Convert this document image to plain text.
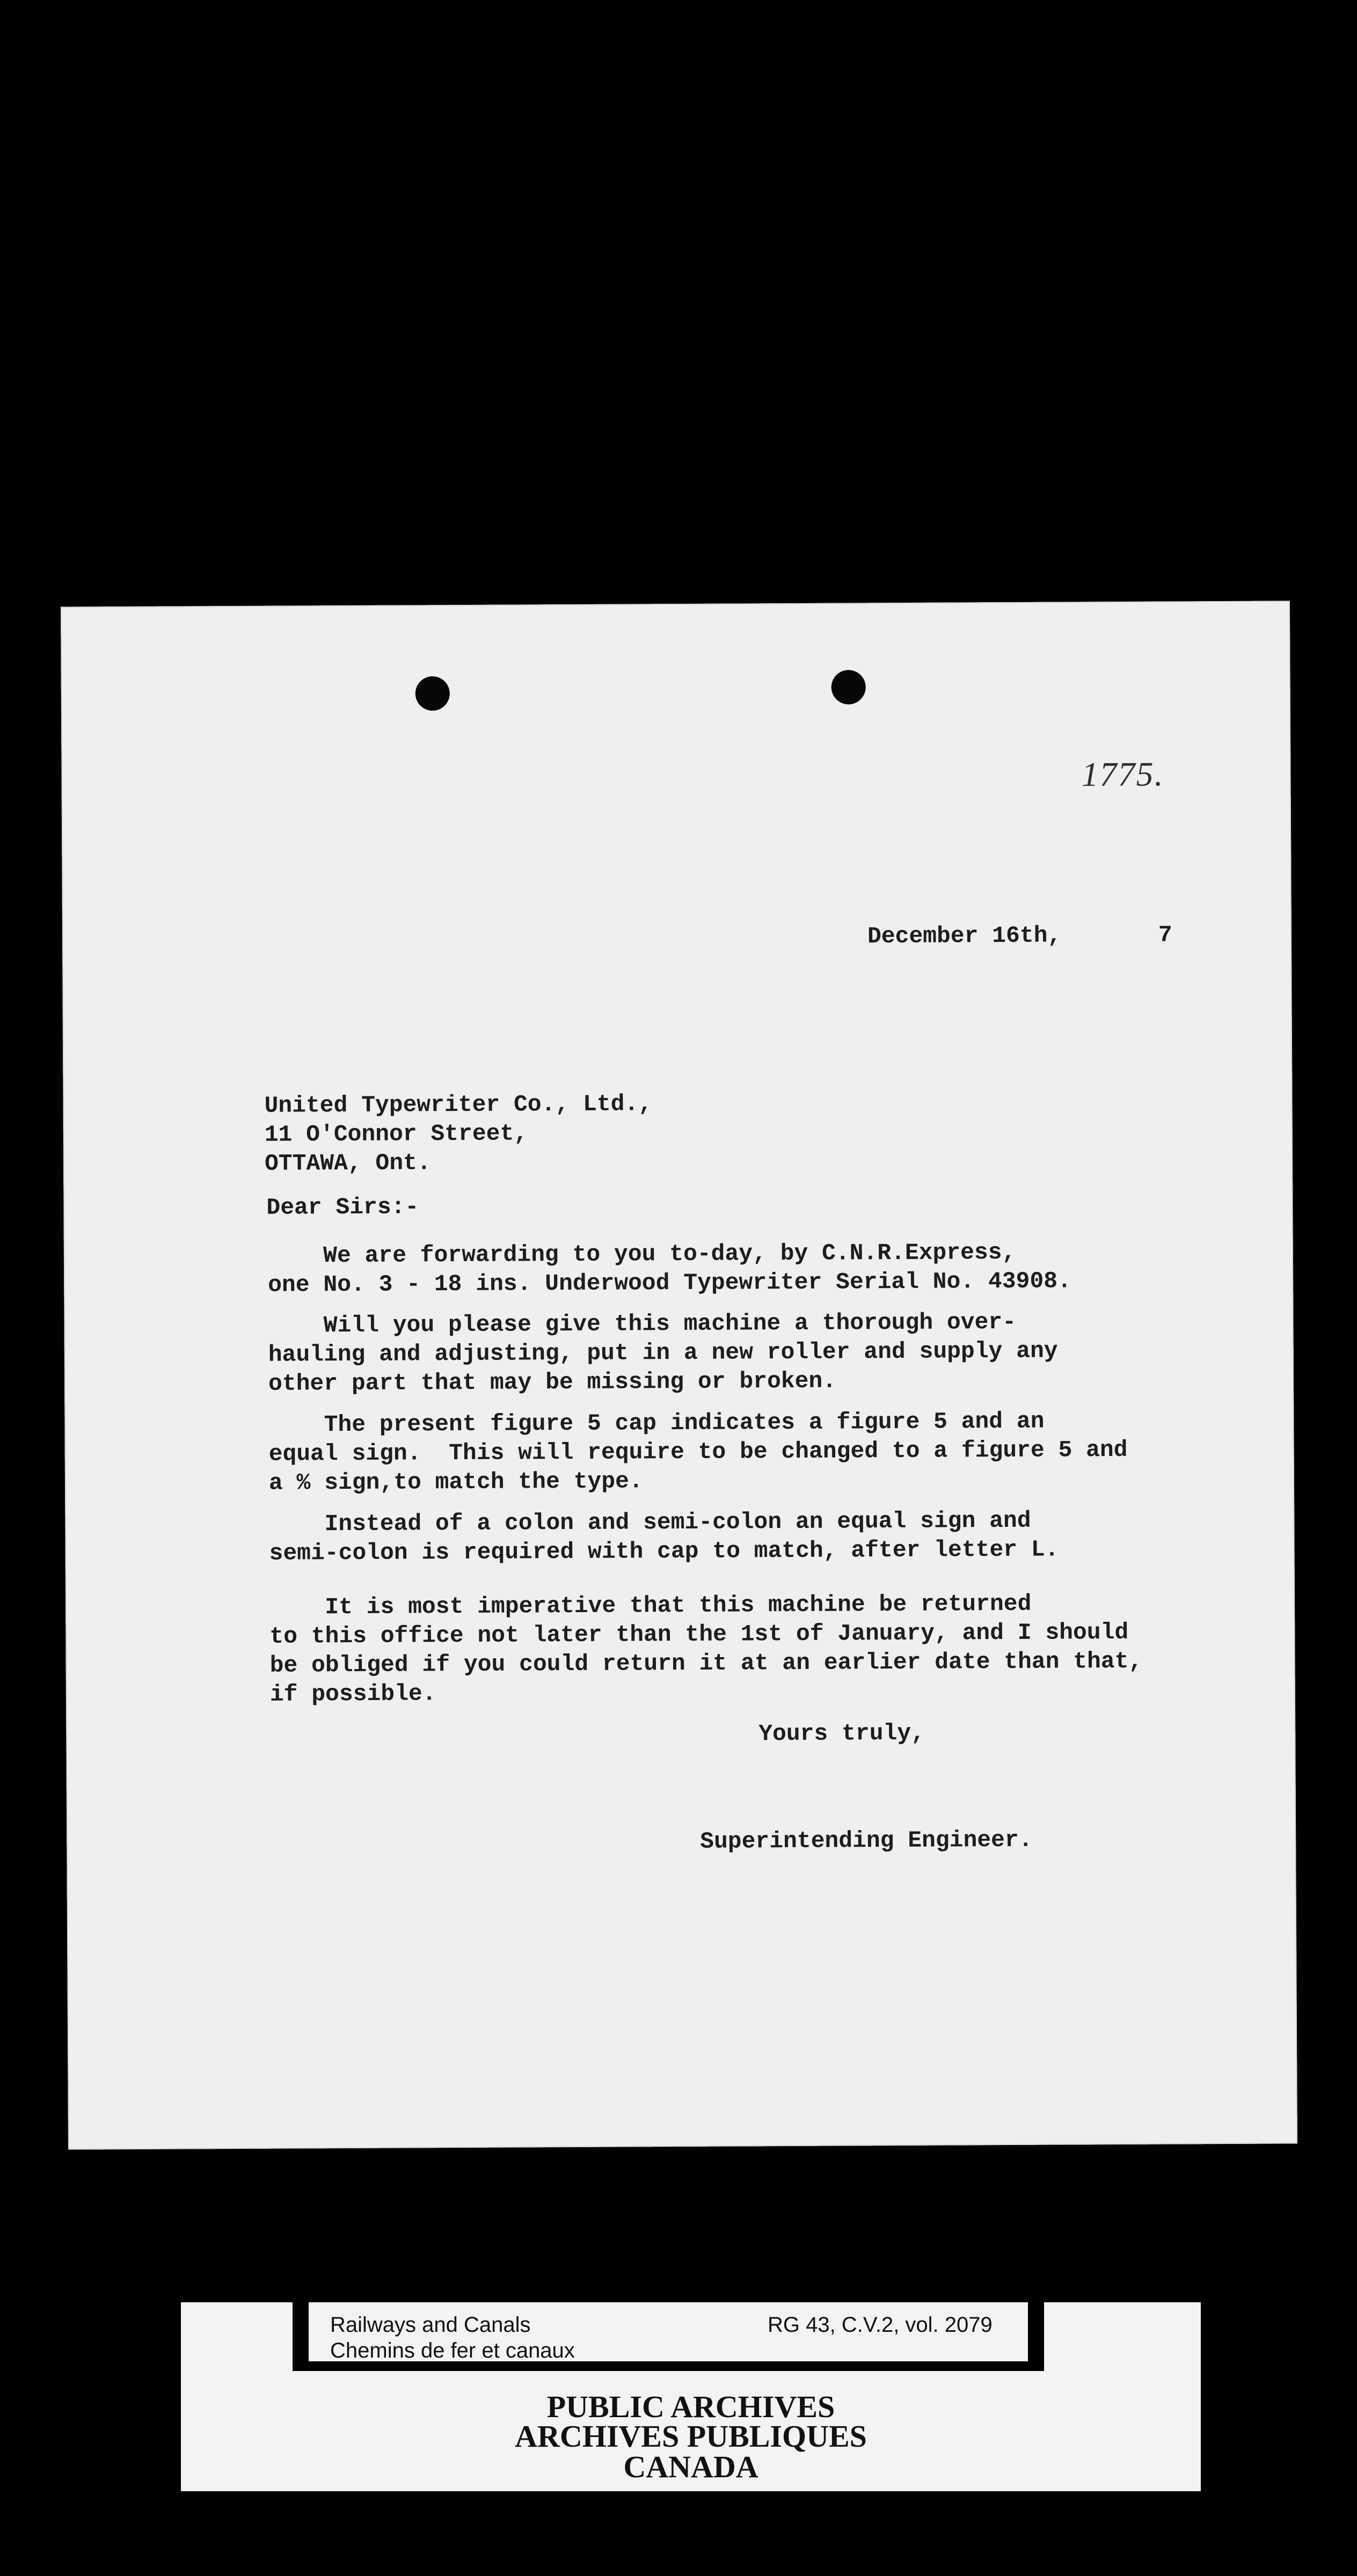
1775.
December 16th,	7
United Typewriter Co., Ltd.,
11 O'Connor Street,
OTTAWA, Ont.
Dear Sirs:-
We are forwarding to you to-day, by C.N.R.Express,
one No. 3 - 18 ins. Underwood Typewriter Serial No. 43908.
Will you please give this machine a thorough over-
hauling and adjusting, put in a new roller and supply any
other part that may be missing or broken.
The present figure 5 cap indicates a figure 5 and an
equal sign.  This will require to be changed to a figure 5 and
a % sign,to match the type.
Instead of a colon and semi-colon an equal sign and
semi-colon is required with cap to match, after letter L.
It is most imperative that this machine be returned
to this office not later than the 1st of January, and I should
be obliged if you could return it at an earlier date than that,
if possible.
Yours truly,
Superintending Engineer.
Railways and Canals
Chemins de fer et canaux
RG 43, C.V.2, vol. 2079
PUBLIC ARCHIVES
ARCHIVES PUBLIQUES
CANADA
